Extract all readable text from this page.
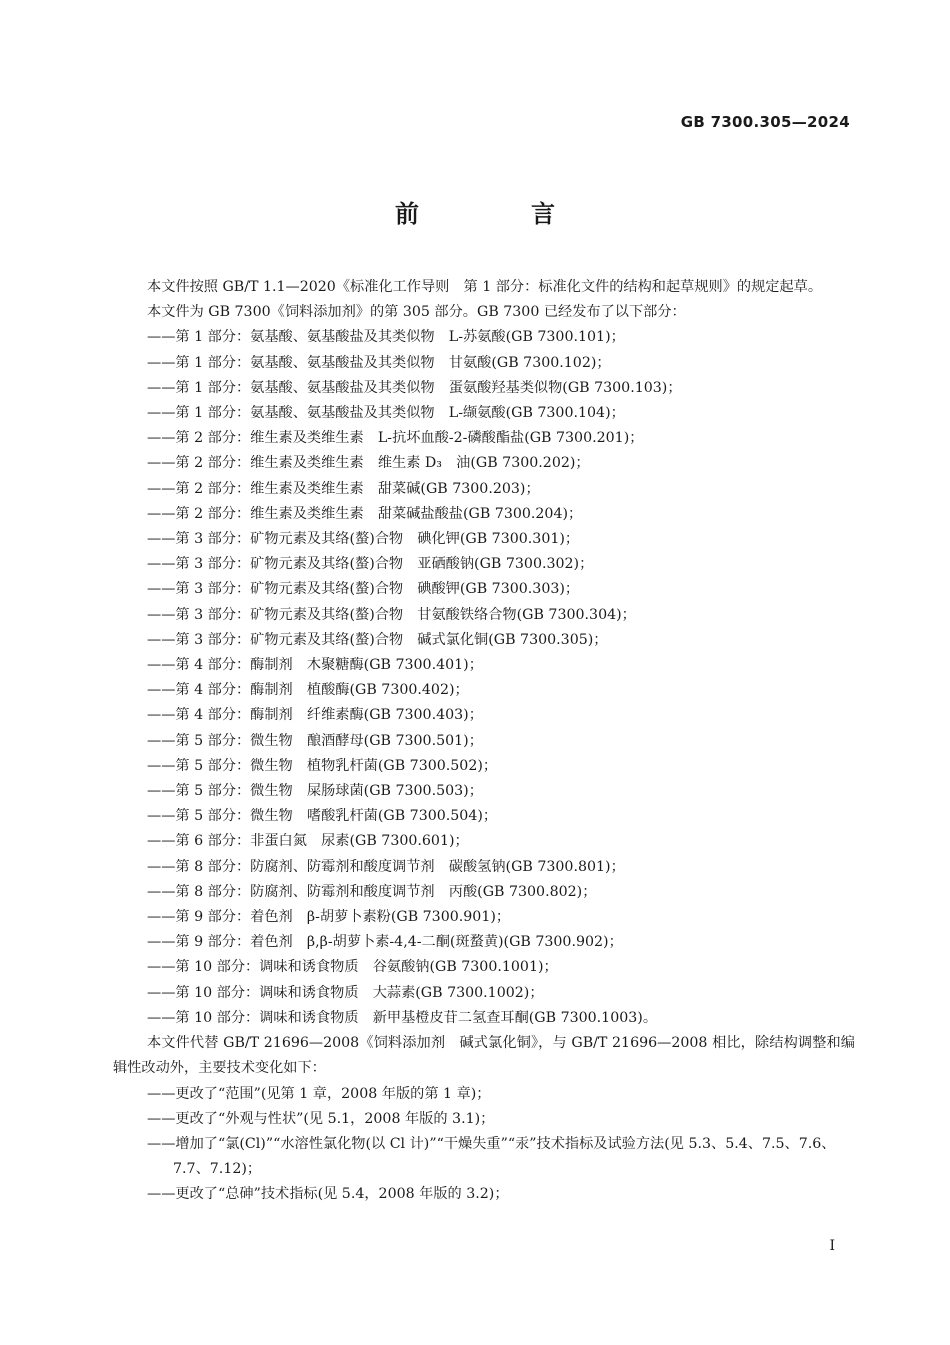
GB 7300.305—2024
前　言

本文件按照 GB/T 1.1—2020《标准化工作导则　第 1 部分：标准化文件的结构和起草规则》的规定起草。

本文件为 GB 7300《饲料添加剂》的第 305 部分。GB 7300 已经发布了以下部分：

——第 1 部分：氨基酸、氨基酸盐及其类似物　L-苏氨酸(GB 7300.101)；
——第 1 部分：氨基酸、氨基酸盐及其类似物　甘氨酸(GB 7300.102)；
——第 1 部分：氨基酸、氨基酸盐及其类似物　蛋氨酸羟基类似物(GB 7300.103)；
——第 1 部分：氨基酸、氨基酸盐及其类似物　L-缬氨酸(GB 7300.104)；
——第 2 部分：维生素及类维生素　L-抗坏血酸-2-磷酸酯盐(GB 7300.201)；
——第 2 部分：维生素及类维生素　维生素 D₃　油(GB 7300.202)；
——第 2 部分：维生素及类维生素　甜菜碱(GB 7300.203)；
——第 2 部分：维生素及类维生素　甜菜碱盐酸盐(GB 7300.204)；
——第 3 部分：矿物元素及其络(螯)合物　碘化钾(GB 7300.301)；
——第 3 部分：矿物元素及其络(螯)合物　亚硒酸钠(GB 7300.302)；
——第 3 部分：矿物元素及其络(螯)合物　碘酸钾(GB 7300.303)；
——第 3 部分：矿物元素及其络(螯)合物　甘氨酸铁络合物(GB 7300.304)；
——第 3 部分：矿物元素及其络(螯)合物　碱式氯化铜(GB 7300.305)；
——第 4 部分：酶制剂　木聚糖酶(GB 7300.401)；
——第 4 部分：酶制剂　植酸酶(GB 7300.402)；
——第 4 部分：酶制剂　纤维素酶(GB 7300.403)；
——第 5 部分：微生物　酿酒酵母(GB 7300.501)；
——第 5 部分：微生物　植物乳杆菌(GB 7300.502)；
——第 5 部分：微生物　屎肠球菌(GB 7300.503)；
——第 5 部分：微生物　嗜酸乳杆菌(GB 7300.504)；
——第 6 部分：非蛋白氮　尿素(GB 7300.601)；
——第 8 部分：防腐剂、防霉剂和酸度调节剂　碳酸氢钠(GB 7300.801)；
——第 8 部分：防腐剂、防霉剂和酸度调节剂　丙酸(GB 7300.802)；
——第 9 部分：着色剂　β-胡萝卜素粉(GB 7300.901)；
——第 9 部分：着色剂　β,β-胡萝卜素-4,4-二酮(斑蝥黄)(GB 7300.902)；
——第 10 部分：调味和诱食物质　谷氨酸钠(GB 7300.1001)；
——第 10 部分：调味和诱食物质　大蒜素(GB 7300.1002)；
——第 10 部分：调味和诱食物质　新甲基橙皮苷二氢查耳酮(GB 7300.1003)。

本文件代替 GB/T 21696—2008《饲料添加剂　碱式氯化铜》，与 GB/T 21696—2008 相比，除结构调整和编辑性改动外，主要技术变化如下：

——更改了“范围”(见第 1 章，2008 年版的第 1 章)；
——更改了“外观与性状”(见 5.1，2008 年版的 3.1)；
——增加了“氯(Cl)”“水溶性氯化物(以 Cl 计)”“干燥失重”“汞”技术指标及试验方法(见 5.3、5.4、7.5、7.6、7.7、7.12)；
——更改了“总砷”技术指标(见 5.4，2008 年版的 3.2)；
I
